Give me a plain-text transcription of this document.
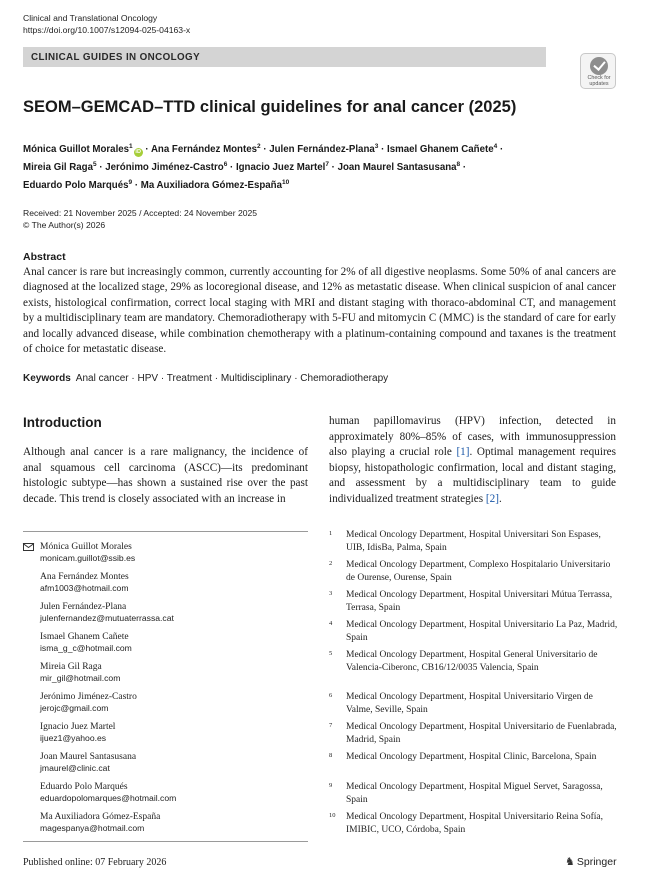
Clinical and Translational Oncology
https://doi.org/10.1007/s12094-025-04163-x
CLINICAL GUIDES IN ONCOLOGY
Check for updates
SEOM–GEMCAD–TTD clinical guidelines for anal cancer (2025)
Mónica Guillot Morales$^1$iD · Ana Fernández Montes$^2$ · Julen Fernández-Plana$^3$ · Ismael Ghanem Cañete$^4$ ·
Mireia Gil Raga$^5$ · Jerónimo Jiménez-Castro$^6$ · Ignacio Juez Martel$^7$ · Joan Maurel Santasusana$^8$ ·
Eduardo Polo Marqués$^9$ · Ma Auxiliadora Gómez-España$^{10}$
Received: 21 November 2025 / Accepted: 24 November 2025
© The Author(s) 2026
Abstract

Anal cancer is rare but increasingly common, currently accounting for 2% of all digestive neoplasms. Some 50% of anal cancers are diagnosed at the localized stage, 29% as locoregional disease, and 12% as metastatic disease. When clinical suspicion of anal cancer exists, histological confirmation, correct local staging with MRI and distant staging with thoraco-abdominal CT, and management by a multidisciplinary team are mandatory. Chemoradiotherapy with 5-FU and mitomycin C (MMC) is the standard of care for early and locally advanced disease, while combination chemotherapy with a platinum-containing compound and taxanes is the treatment of choice for metastatic disease.

Keywords Anal cancer · HPV · Treatment · Multidisciplinary · Chemoradiotherapy
Introduction

Although anal cancer is a rare malignancy, the incidence of anal squamous cell carcinoma (ASCC)—its predominant histologic subtype—has shown a sustained rise over the past decade. This trend is closely associated with an increase in

human papillomavirus (HPV) infection, detected in approximately 80%–85% of cases, with immunosuppression also playing a crucial role [1]. Optimal management requires biopsy, histopathologic confirmation, local and distant staging, and assessment by a multidisciplinary team to guide individualized treatment strategies [2].

Mónica Guillot Morales
monicam.guillot@ssib.es
Ana Fernández Montes
afm1003@hotmail.com
Julen Fernández-Plana
julenfernandez@mutuaterrassa.cat
Ismael Ghanem Cañete
isma_g_c@hotmail.com
Mireia Gil Raga
mir_gil@hotmail.com
Jerónimo Jiménez-Castro
jerojc@gmail.com
Ignacio Juez Martel
ijuez1@yahoo.es
Joan Maurel Santasusana
jmaurel@clinic.cat
Eduardo Polo Marqués
eduardopolomarques@hotmail.com
Ma Auxiliadora Gómez-España
magespanya@hotmail.com
1 Medical Oncology Department, Hospital Universitari Son Espases, UIB, IdisBa, Palma, Spain
2 Medical Oncology Department, Complexo Hospitalario Universitario de Ourense, Ourense, Spain
3 Medical Oncology Department, Hospital Universitari Mútua Terrassa, Terrasa, Spain
4 Medical Oncology Department, Hospital Universitario La Paz, Madrid, Spain
5 Medical Oncology Department, Hospital General Universitario de Valencia-Ciberonc, CB16/12/0035 Valencia, Spain
6 Medical Oncology Department, Hospital Universitario Virgen de Valme, Seville, Spain
7 Medical Oncology Department, Hospital Universitario de Fuenlabrada, Madrid, Spain
8 Medical Oncology Department, Hospital Clinic, Barcelona, Spain
9 Medical Oncology Department, Hospital Miguel Servet, Saragossa, Spain
10 Medical Oncology Department, Hospital Universitario Reina Sofía, IMIBIC, UCO, Córdoba, Spain
Published online: 07 February 2026	♞ Springer
